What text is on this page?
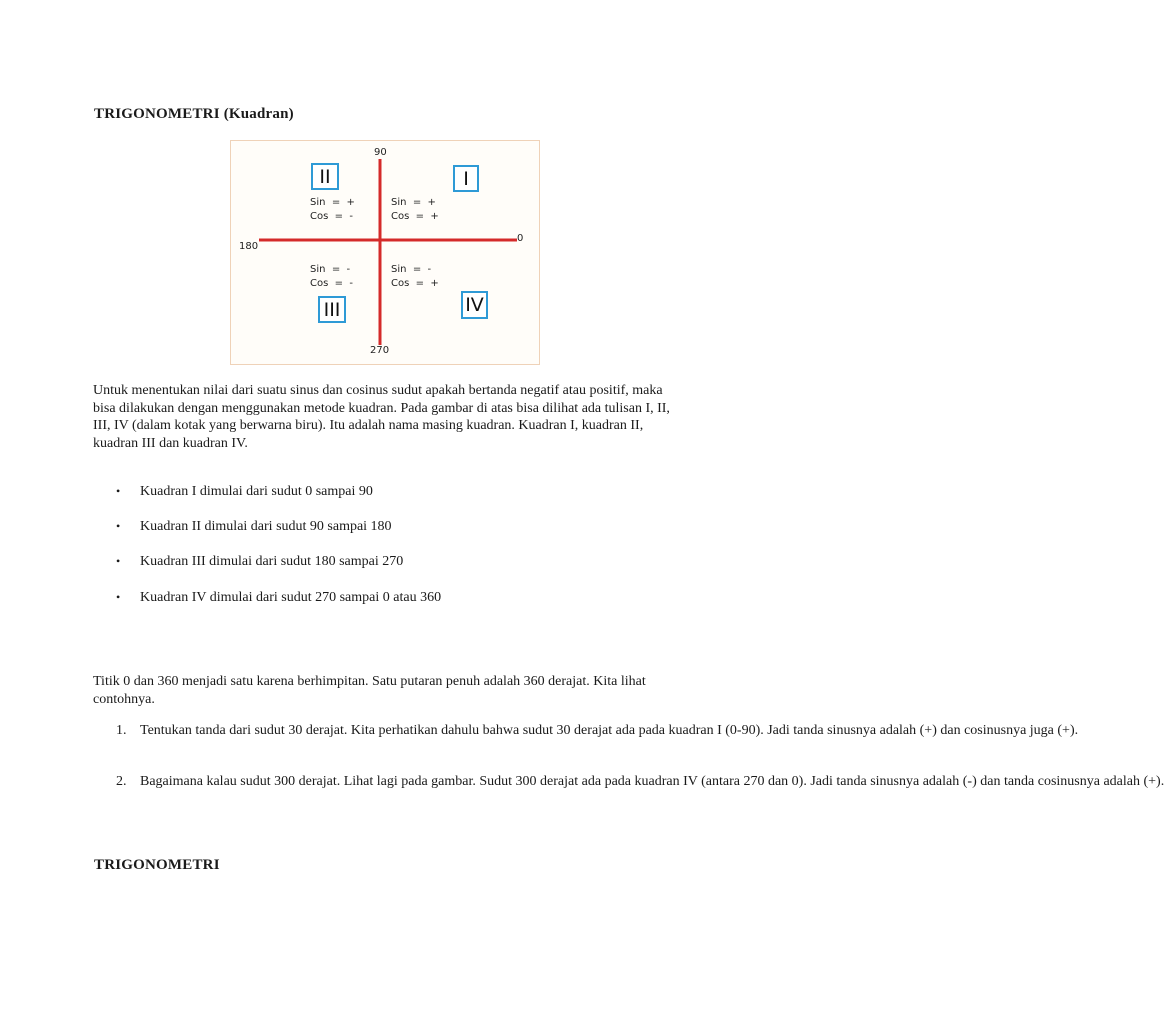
TRIGONOMETRI (Kuadran)
90
0
180
270
II	I
III	IV
Sin  =  +
Cos  =  -
Sin  =  +
Cos  =  +
Sin  =  -
Cos  =  -
Sin  =  -
Cos  =  +
Untuk menentukan nilai dari suatu sinus dan cosinus sudut apakah bertanda negatif atau positif, maka bisa dilakukan dengan menggunakan metode kuadran. Pada gambar di atas bisa dilihat ada tulisan I, II, III, IV (dalam kotak yang berwarna biru). Itu adalah nama masing kuadran. Kuadran I, kuadran II, kuadran III dan kuadran IV.
• Kuadran I dimulai dari sudut 0 sampai 90
• Kuadran II dimulai dari sudut 90 sampai 180
• Kuadran III dimulai dari sudut 180 sampai 270
• Kuadran IV dimulai dari sudut 270 sampai 0 atau 360
Titik 0 dan 360 menjadi satu karena berhimpitan. Satu putaran penuh adalah 360 derajat. Kita lihat contohnya.
1. Tentukan tanda dari sudut 30 derajat. Kita perhatikan dahulu bahwa sudut 30 derajat ada pada kuadran I (0-90). Jadi tanda sinusnya adalah (+) dan cosinusnya juga (+).
2. Bagaimana kalau sudut 300 derajat. Lihat lagi pada gambar. Sudut 300 derajat ada pada kuadran IV (antara 270 dan 0). Jadi tanda sinusnya adalah (-) dan tanda cosinusnya adalah (+).
TRIGONOMETRI
